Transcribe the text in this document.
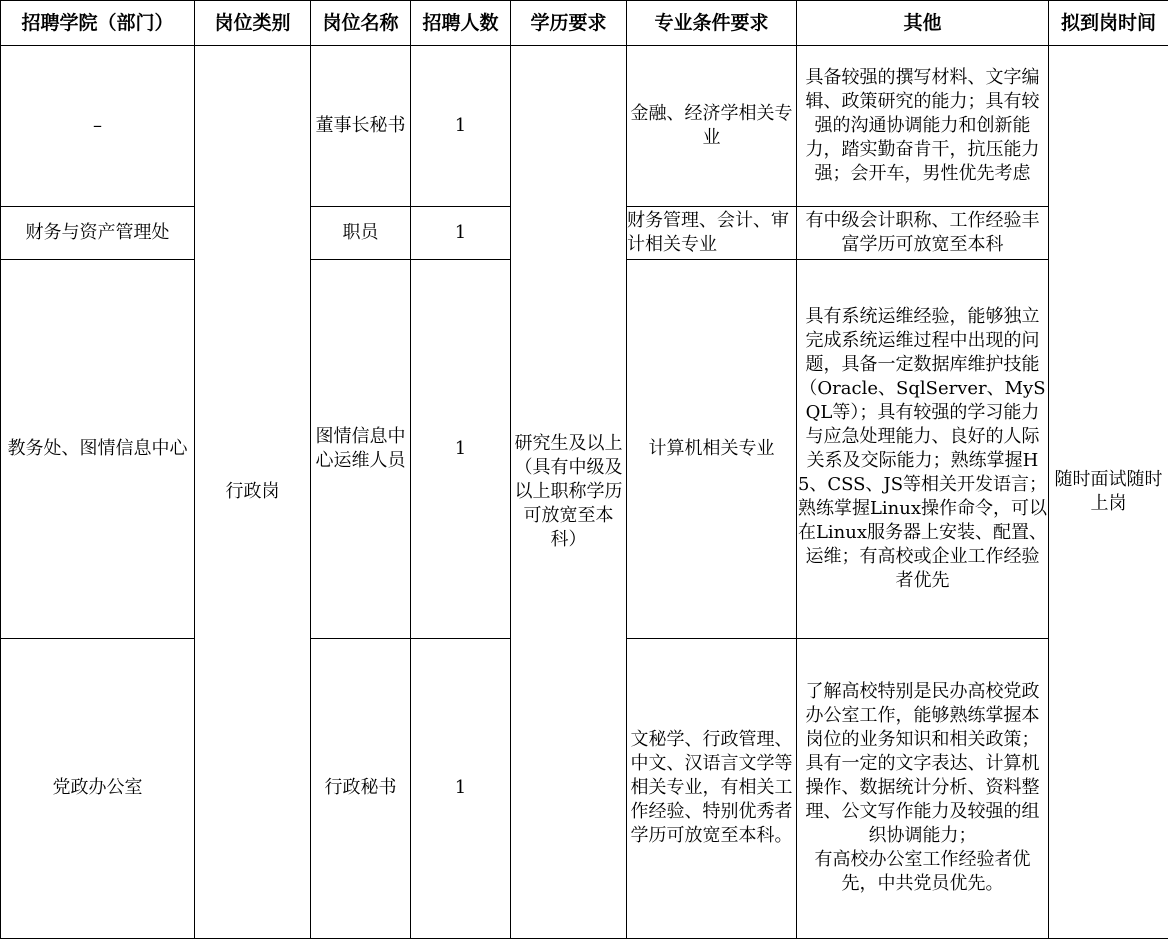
招聘学院（部门）	岗位类别	岗位名称	招聘人数	学历要求	专业条件要求	其他	拟到岗时间
–	行政岗	董事长秘书	1	研究生及以上（具有中级及以上职称学历可放宽至本科）	金融、经济学相关专业	具备较强的撰写材料、文字编辑、政策研究的能力；具有较强的沟通协调能力和创新能力，踏实勤奋肯干，抗压能力强；会开车，男性优先考虑	随时面试随时上岗
财务与资产管理处		职员	1		财务管理、会计、审计相关专业	有中级会计职称、工作经验丰富学历可放宽至本科	
教务处、图情信息中心		图情信息中心运维人员	1		计算机相关专业	具有系统运维经验，能够独立完成系统运维过程中出现的问题，具备一定数据库维护技能（Oracle、SqlServer、MySQL等）；具有较强的学习能力与应急处理能力、良好的人际关系及交际能力；熟练掌握H5、CSS、JS等相关开发语言；熟练掌握Linux操作命令，可以在Linux服务器上安装、配置、运维；有高校或企业工作经验者优先	
党政办公室		行政秘书	1		文秘学、行政管理、中文、汉语言文学等相关专业，有相关工作经验、特别优秀者学历可放宽至本科。	了解高校特别是民办高校党政办公室工作，能够熟练掌握本岗位的业务知识和相关政策；
具有一定的文字表达、计算机操作、数据统计分析、资料整理、公文写作能力及较强的组织协调能力；
有高校办公室工作经验者优先，中共党员优先。	
